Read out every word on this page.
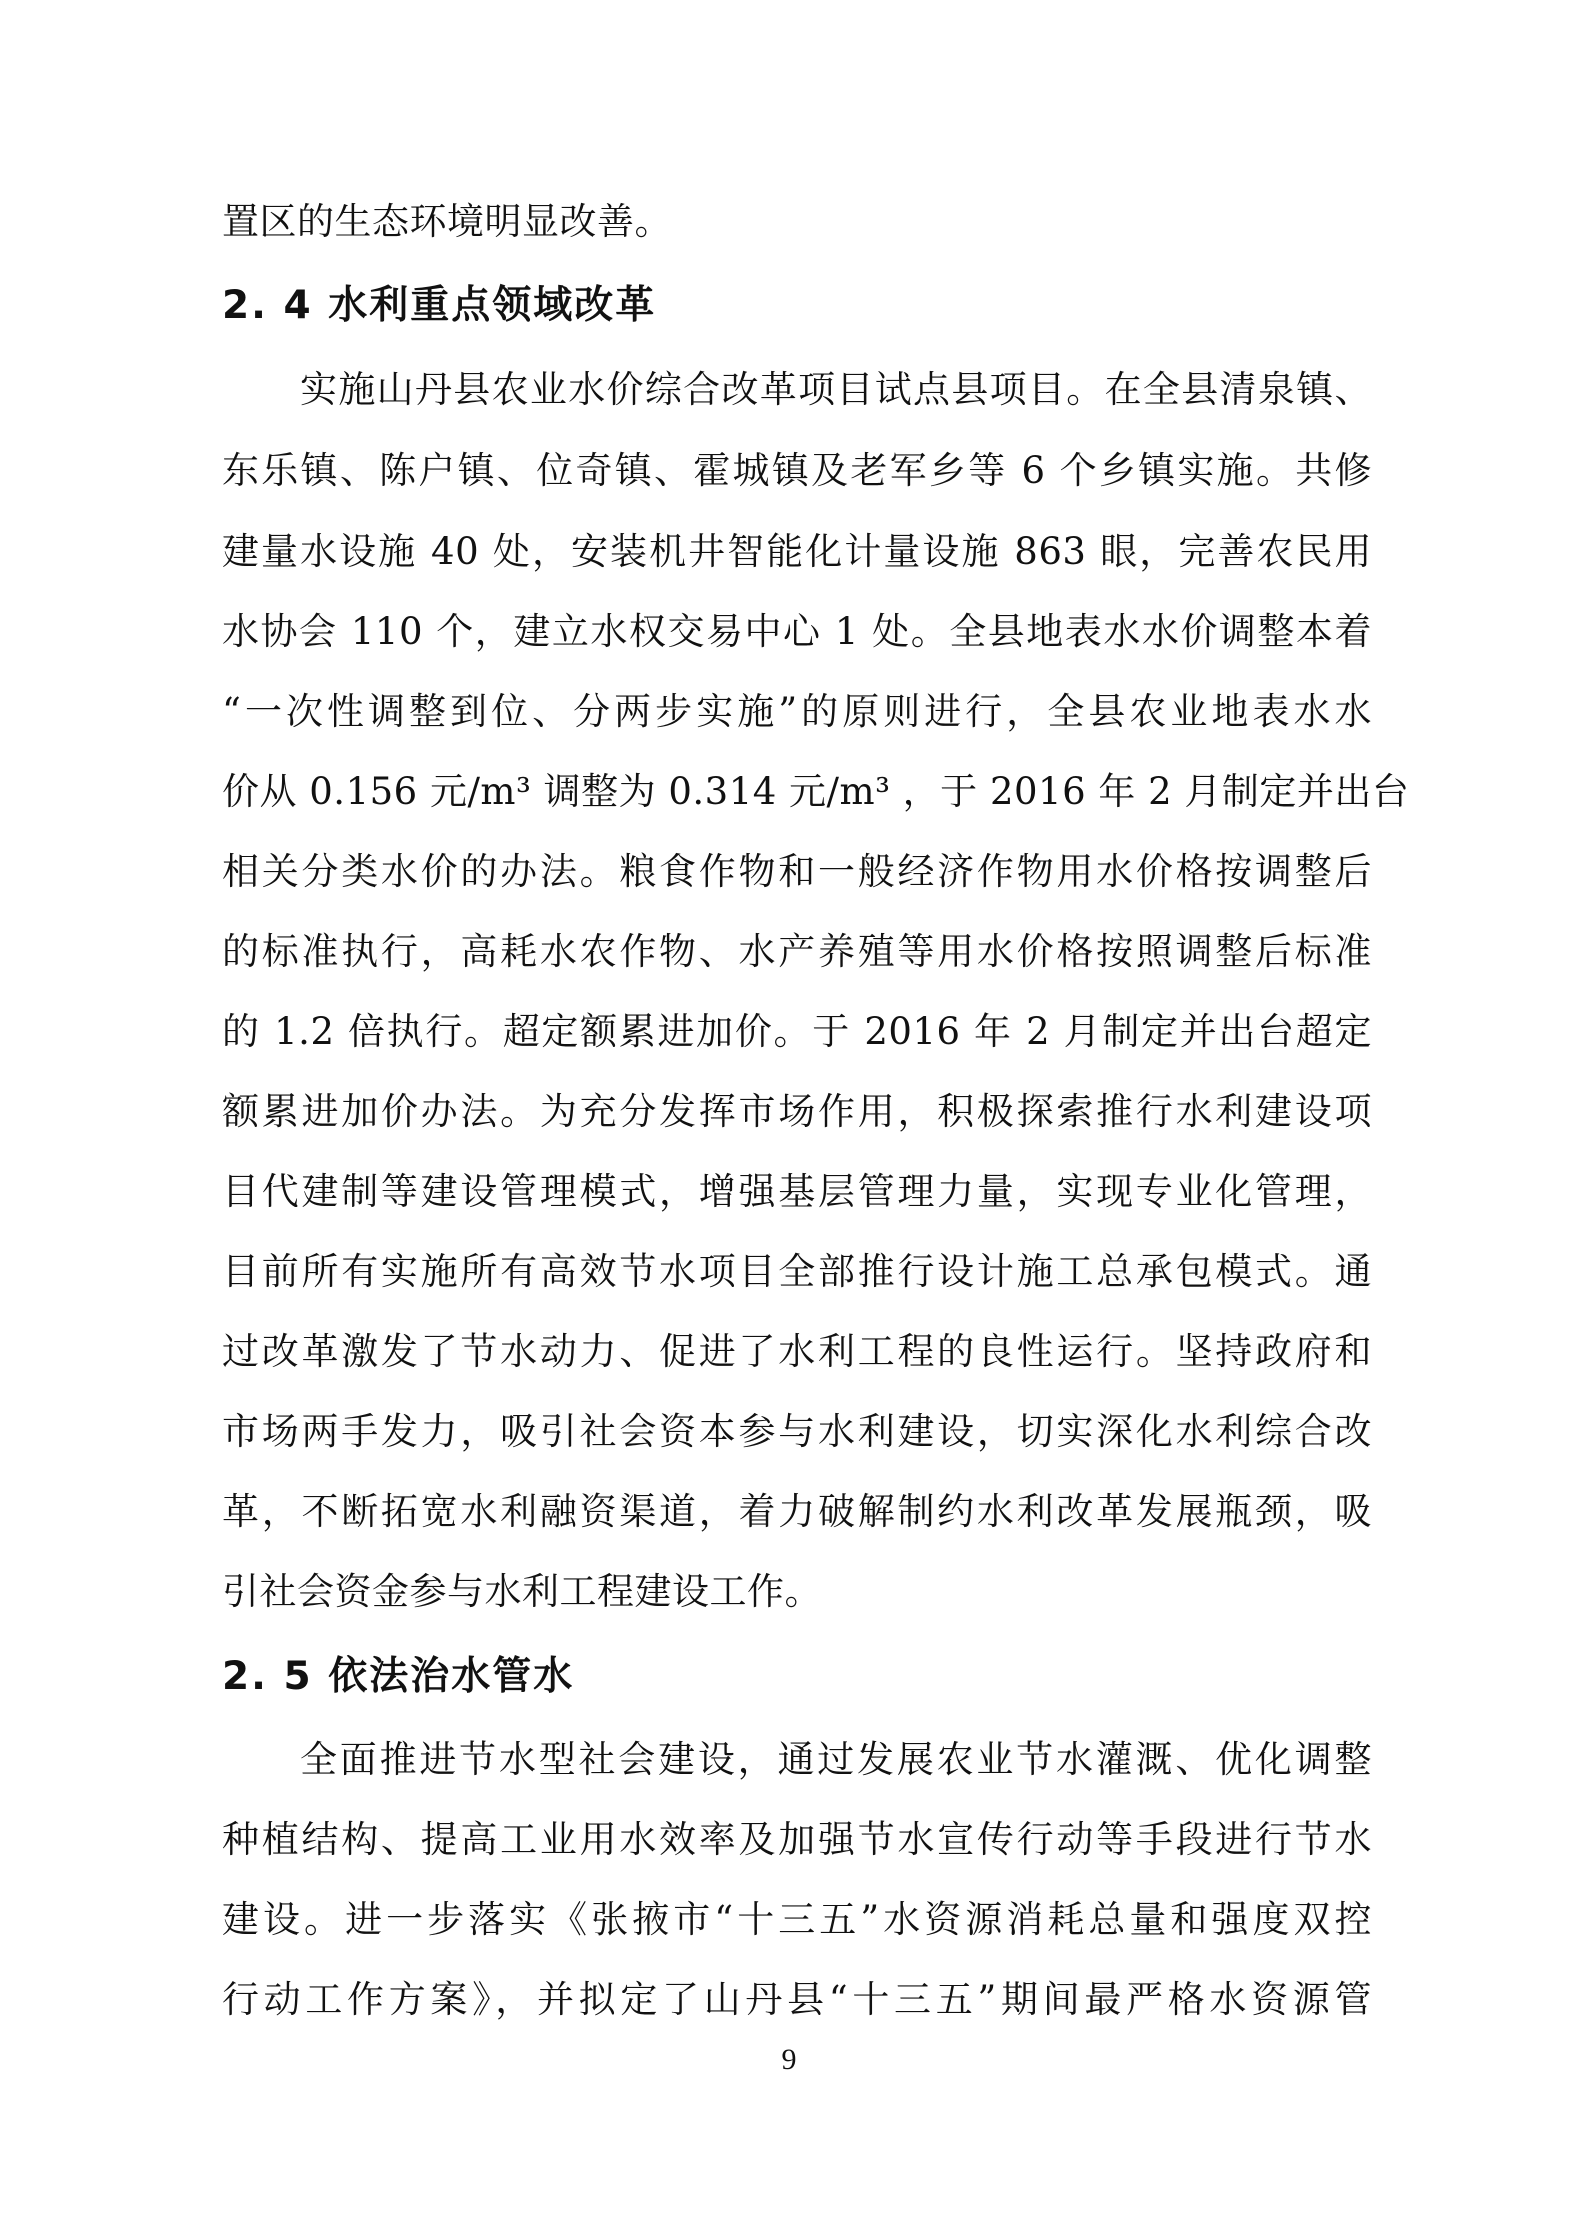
置区的生态环境明显改善。
2. 4 水利重点领域改革
实施山丹县农业水价综合改革项目试点县项目。在全县清泉镇、
东乐镇、陈户镇、位奇镇、霍城镇及老军乡等 6 个乡镇实施。共修
建量水设施 40 处，安装机井智能化计量设施 863 眼，完善农民用
水协会 110 个，建立水权交易中心 1 处。全县地表水水价调整本着
“一次性调整到位、分两步实施”的原则进行，全县农业地表水水
价从 0.156 元/m³ 调整为 0.314 元/m³ ，于 2016 年 2 月制定并出台
相关分类水价的办法。粮食作物和一般经济作物用水价格按调整后
的标准执行，高耗水农作物、水产养殖等用水价格按照调整后标准
的 1.2 倍执行。超定额累进加价。于 2016 年 2 月制定并出台超定
额累进加价办法。为充分发挥市场作用，积极探索推行水利建设项
目代建制等建设管理模式，增强基层管理力量，实现专业化管理，
目前所有实施所有高效节水项目全部推行设计施工总承包模式。通
过改革激发了节水动力、促进了水利工程的良性运行。坚持政府和
市场两手发力，吸引社会资本参与水利建设，切实深化水利综合改
革，不断拓宽水利融资渠道，着力破解制约水利改革发展瓶颈，吸
引社会资金参与水利工程建设工作。
2. 5 依法治水管水
全面推进节水型社会建设，通过发展农业节水灌溉、优化调整
种植结构、提高工业用水效率及加强节水宣传行动等手段进行节水
建设。进一步落实《张掖市“十三五”水资源消耗总量和强度双控
行动工作方案》，并拟定了山丹县“十三五”期间最严格水资源管
9
